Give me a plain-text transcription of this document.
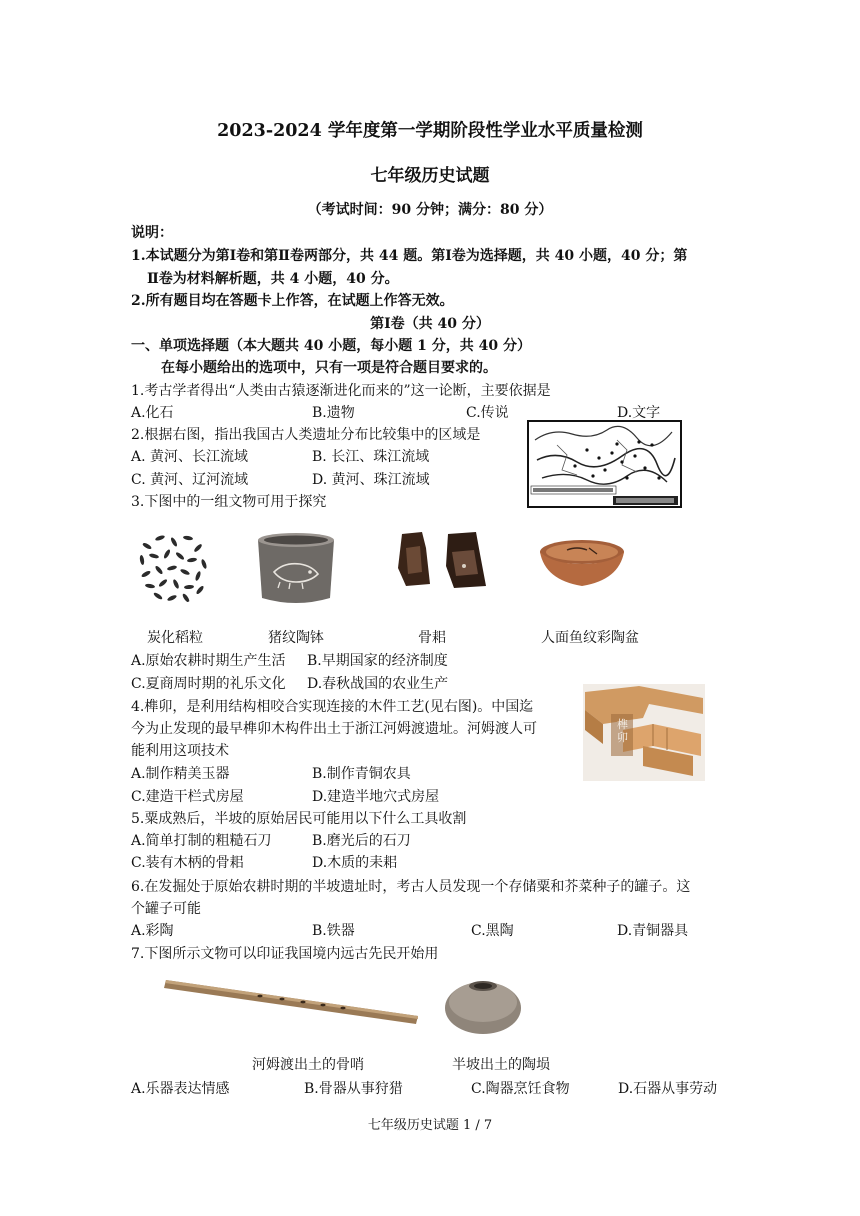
2023-2024 学年度第一学期阶段性学业水平质量检测
七年级历史试题
（考试时间：90 分钟；满分：80 分）
说明：
1.本试题分为第Ⅰ卷和第Ⅱ卷两部分，共 44 题。第Ⅰ卷为选择题，共 40 小题，40 分；第
Ⅱ卷为材料解析题，共 4 小题，40 分。
2.所有题目均在答题卡上作答，在试题上作答无效。
第Ⅰ卷（共 40 分）
一、单项选择题（本大题共 40 小题，每小题 1 分，共 40 分）
在每小题给出的选项中，只有一项是符合题目要求的。
1.考古学者得出“人类由古猿逐渐进化而来的”这一论断，主要依据是
A.化石	B.遗物	C.传说	D.文字
2.根据右图，指出我国古人类遗址分布比较集中的区域是
A. 黄河、长江流域	B. 长江、珠江流域
C. 黄河、辽河流域	D. 黄河、珠江流域
3.下图中的一组文物可用于探究
炭化稻粒	猪纹陶钵	骨耜	人面鱼纹彩陶盆
A.原始农耕时期生产生活 B.早期国家的经济制度
C.夏商周时期的礼乐文化 D.春秋战国的农业生产
4.榫卯，是利用结构相咬合实现连接的木件工艺(见右图)。中国迄
今为止发现的最早榫卯木构件出土于浙江河姆渡遗址。河姆渡人可
能利用这项技术
A.制作精美玉器	B.制作青铜农具
C.建造干栏式房屋	D.建造半地穴式房屋
榫卯
5.粟成熟后，半坡的原始居民可能用以下什么工具收割
A.简单打制的粗糙石刀	B.磨光后的石刀
C.装有木柄的骨耜	D.木质的耒耜
6.在发掘处于原始农耕时期的半坡遗址时，考古人员发现一个存储粟和芥菜种子的罐子。这
个罐子可能
A.彩陶	B.铁器	C.黑陶	D.青铜器具
7.下图所示文物可以印证我国境内远古先民开始用
河姆渡出土的骨哨	半坡出土的陶埙
A.乐器表达情感	B.骨器从事狩猎	C.陶器烹饪食物	D.石器从事劳动
七年级历史试题 1 / 7
